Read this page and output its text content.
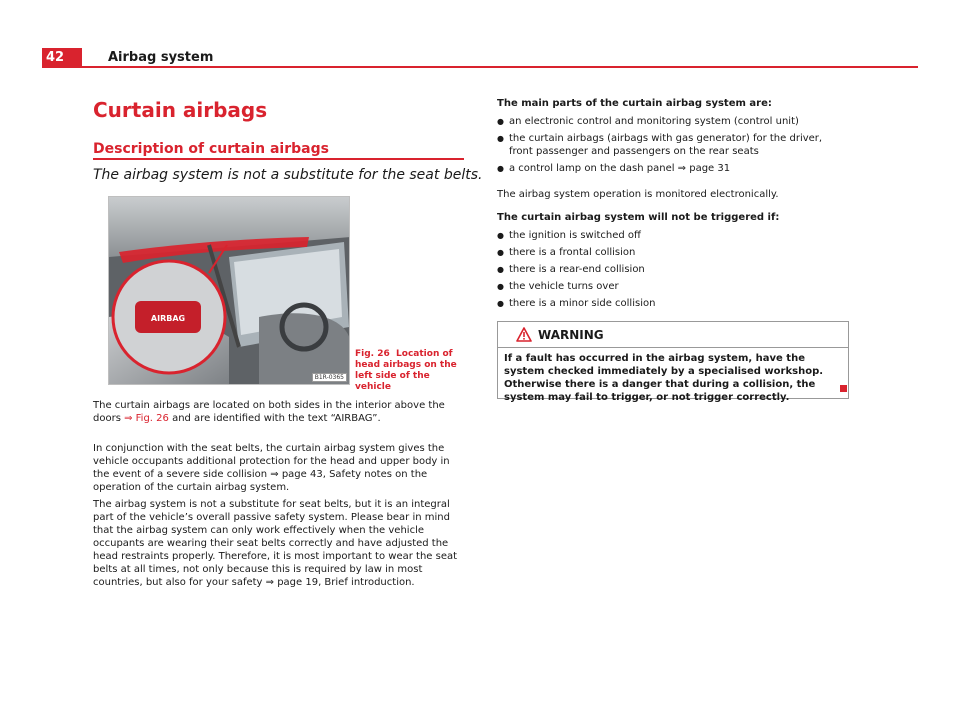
42	Airbag system
Curtain airbags
Description of curtain airbags
The airbag system is not a substitute for the seat belts.
AIRBAG
B1R-0365
Fig. 26 Location of head airbags on the left side of the vehicle
The curtain airbags are located on both sides in the interior above the doors ⇒ Fig. 26 and are identified with the text “AIRBAG”.
In conjunction with the seat belts, the curtain airbag system gives the vehicle occupants additional protection for the head and upper body in the event of a severe side collision ⇒ page 43, Safety notes on the operation of the curtain airbag system.
The airbag system is not a substitute for seat belts, but it is an integral part of the vehicle’s overall passive safety system. Please bear in mind that the airbag system can only work effectively when the vehicle occupants are wearing their seat belts correctly and have adjusted the head restraints properly. Therefore, it is most important to wear the seat belts at all times, not only because this is required by law in most countries, but also for your safety ⇒ page 19, Brief introduction.
The main parts of the curtain airbag system are:
● an electronic control and monitoring system (control unit)
● the curtain airbags (airbags with gas generator) for the driver, front passenger and passengers on the rear seats
● a control lamp on the dash panel ⇒ page 31
The airbag system operation is monitored electronically.
The curtain airbag system will not be triggered if:
● the ignition is switched off
● there is a frontal collision
● there is a rear-end collision
● the vehicle turns over
● there is a minor side collision
WARNING
If a fault has occurred in the airbag system, have the system checked immediately by a specialised workshop. Otherwise there is a danger that during a collision, the system may fail to trigger, or not trigger correctly.
